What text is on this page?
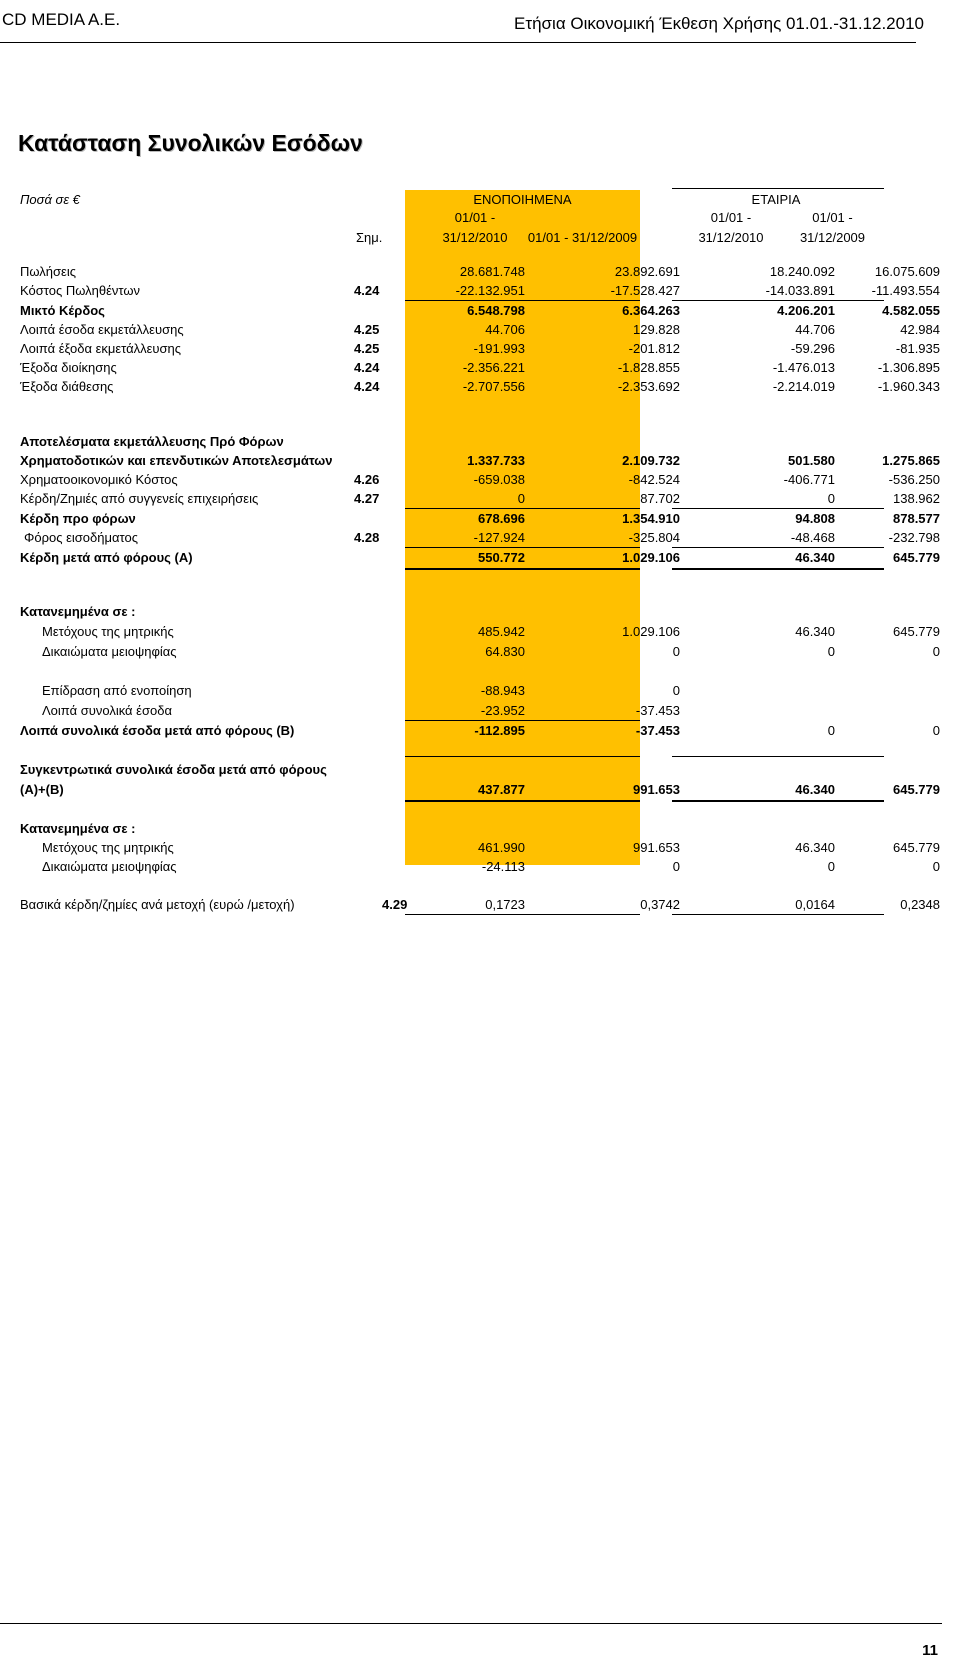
CD MEDIA A.E.	Ετήσια Οικονομική Έκθεση Χρήσης 01.01.-31.12.2010
Κατάσταση Συνολικών Εσόδων
Ποσά σε €	ΕΝΟΠΟΙΗΜΕΝΑ	ΕΤΑΙΡΙΑ
01/01 -	01/01 -	01/01 -
Σημ.	31/12/2010	01/01 - 31/12/2009	31/12/2010	31/12/2009
Πωλήσεις	28.681.748	23.892.691	18.240.092	16.075.609
Κόστος Πωληθέντων	4.24	-22.132.951	-17.528.427	-14.033.891	-11.493.554
Μικτό Κέρδος	6.548.798	6.364.263	4.206.201	4.582.055
Λοιπά έσοδα εκμετάλλευσης	4.25	44.706	129.828	44.706	42.984
Λοιπά έξοδα εκμετάλλευσης	4.25	-191.993	-201.812	-59.296	-81.935
Έξοδα διοίκησης	4.24	-2.356.221	-1.828.855	-1.476.013	-1.306.895
Έξοδα διάθεσης	4.24	-2.707.556	-2.353.692	-2.214.019	-1.960.343
Αποτελέσματα εκμετάλλευσης Πρό Φόρων
Χρηματοδοτικών και επενδυτικών Αποτελεσμάτων	1.337.733	2.109.732	501.580	1.275.865
Χρηματοοικονομικό Κόστος	4.26	-659.038	-842.524	-406.771	-536.250
Κέρδη/Ζημιές από συγγενείς επιχειρήσεις	4.27	0	87.702	0	138.962
Κέρδη προ φόρων	678.696	1.354.910	94.808	878.577
Φόρος εισοδήματος	4.28	-127.924	-325.804	-48.468	-232.798
Κέρδη μετά από φόρους (Α)	550.772	1.029.106	46.340	645.779
Κατανεμημένα σε :
Μετόχους της μητρικής	485.942	1.029.106	46.340	645.779
Δικαιώματα μειοψηφίας	64.830	0	0	0
Επίδραση από ενοποίηση	-88.943	0
Λοιπά συνολικά έσοδα	-23.952	-37.453
Λοιπά συνολικά έσοδα μετά από φόρους (Β)	-112.895	-37.453	0	0
Συγκεντρωτικά συνολικά έσοδα μετά από φόρους
(Α)+(Β)	437.877	991.653	46.340	645.779
Κατανεμημένα σε :
Μετόχους της μητρικής	461.990	991.653	46.340	645.779
Δικαιώματα μειοψηφίας	-24.113	0	0	0
Βασικά κέρδη/ζημίες ανά μετοχή (ευρώ /μετοχή)	4.29	0,1723	0,3742	0,0164	0,2348
11
